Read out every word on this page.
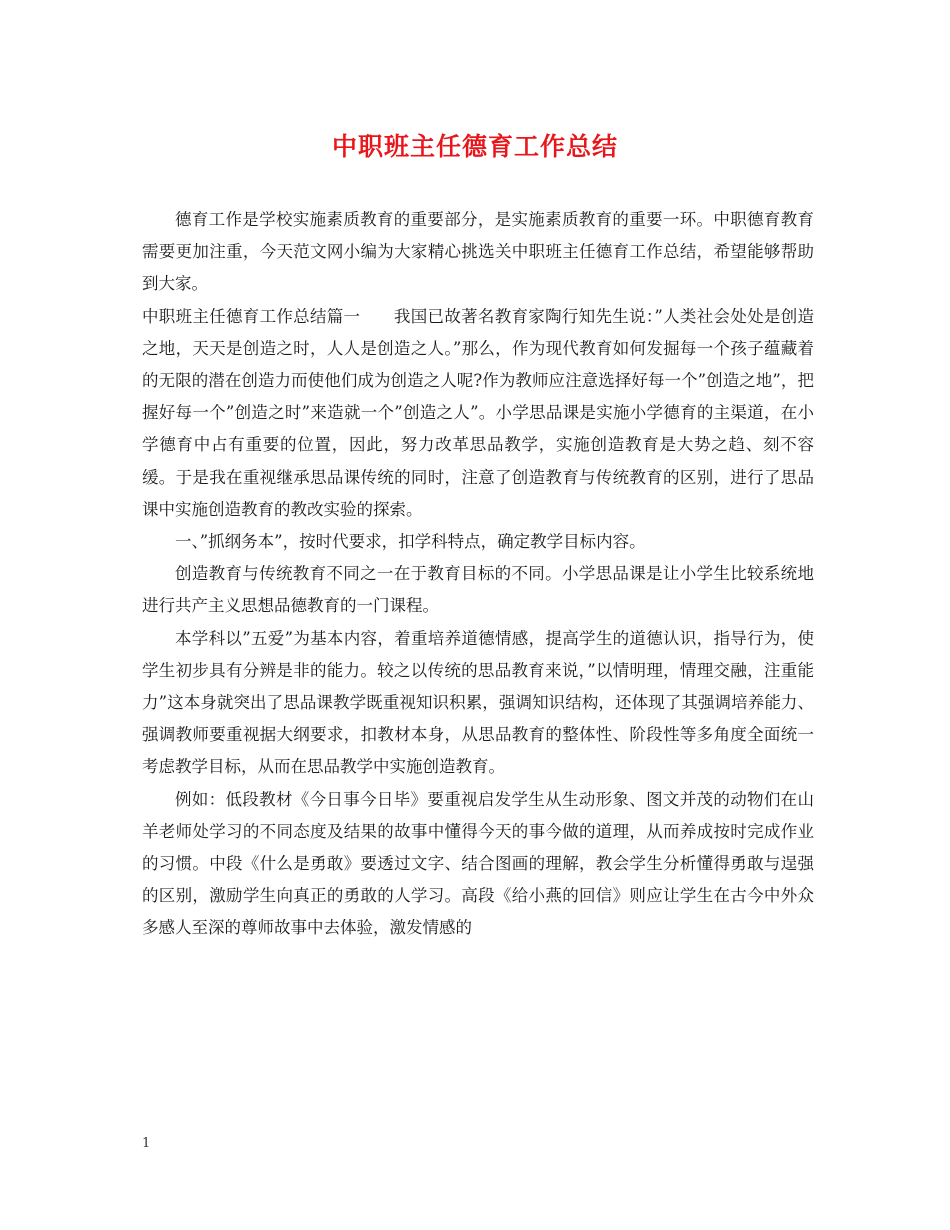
中职班主任德育工作总结

德育工作是学校实施素质教育的重要部分，是实施素质教育的重要一环。中职德育教育需要更加注重，今天范文网小编为大家精心挑选关中职班主任德育工作总结，希望能够帮助到大家。

中职班主任德育工作总结篇一　　我国已故著名教育家陶行知先生说：”人类社会处处是创造之地，天天是创造之时，人人是创造之人。”那么，作为现代教育如何发掘每一个孩子蕴藏着的无限的潜在创造力而使他们成为创造之人呢?作为教师应注意选择好每一个”创造之地”，把握好每一个”创造之时”来造就一个”创造之人”。小学思品课是实施小学德育的主渠道，在小学德育中占有重要的位置，因此，努力改革思品教学，实施创造教育是大势之趋、刻不容缓。于是我在重视继承思品课传统的同时，注意了创造教育与传统教育的区别，进行了思品课中实施创造教育的教改实验的探索。

一、”抓纲务本”，按时代要求，扣学科特点，确定教学目标内容。

创造教育与传统教育不同之一在于教育目标的不同。小学思品课是让小学生比较系统地进行共产主义思想品德教育的一门课程。

本学科以”五爱”为基本内容，着重培养道德情感，提高学生的道德认识，指导行为，使学生初步具有分辨是非的能力。较之以传统的思品教育来说，”以情明理，情理交融，注重能力”这本身就突出了思品课教学既重视知识积累，强调知识结构，还体现了其强调培养能力、强调教师要重视据大纲要求，扣教材本身，从思品教育的整体性、阶段性等多角度全面统一考虑教学目标，从而在思品教学中实施创造教育。

例如：低段教材《今日事今日毕》要重视启发学生从生动形象、图文并茂的动物们在山羊老师处学习的不同态度及结果的故事中懂得今天的事今做的道理，从而养成按时完成作业的习惯。中段《什么是勇敢》要透过文字、结合图画的理解，教会学生分析懂得勇敢与逞强的区别，激励学生向真正的勇敢的人学习。高段《给小燕的回信》则应让学生在古今中外众多感人至深的尊师故事中去体验，激发情感的

1
